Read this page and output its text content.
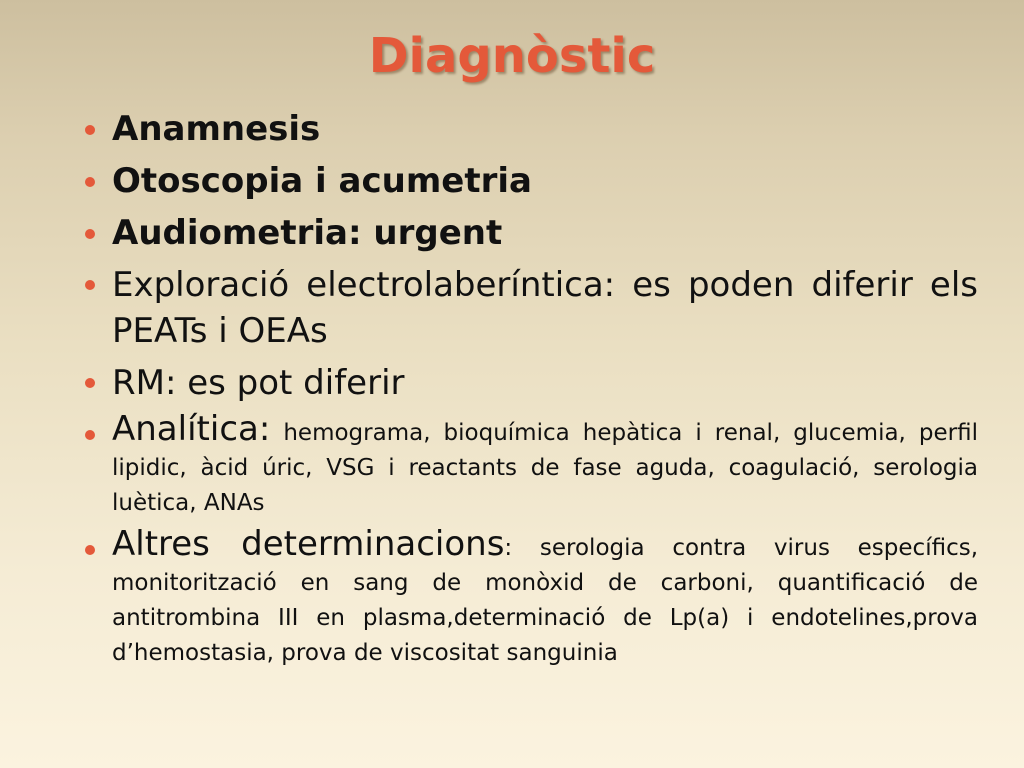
Diagnòstic
Anamnesis
Otoscopia i acumetria
Audiometria: urgent
Exploració electrolaberíntica: es poden diferir els PEATs i OEAs
RM: es pot diferir
Analítica: hemograma, bioquímica hepàtica i renal, glucemia, perfil lipidic, àcid úric, VSG i reactants de fase aguda, coagulació, serologia luètica, ANAs
Altres determinacions: serologia contra virus específics, monitorització en sang de monòxid de carboni, quantificació de antitrombina III en plasma,determinació de Lp(a) i endotelines,prova d’hemostasia, prova de viscositat sanguinia
